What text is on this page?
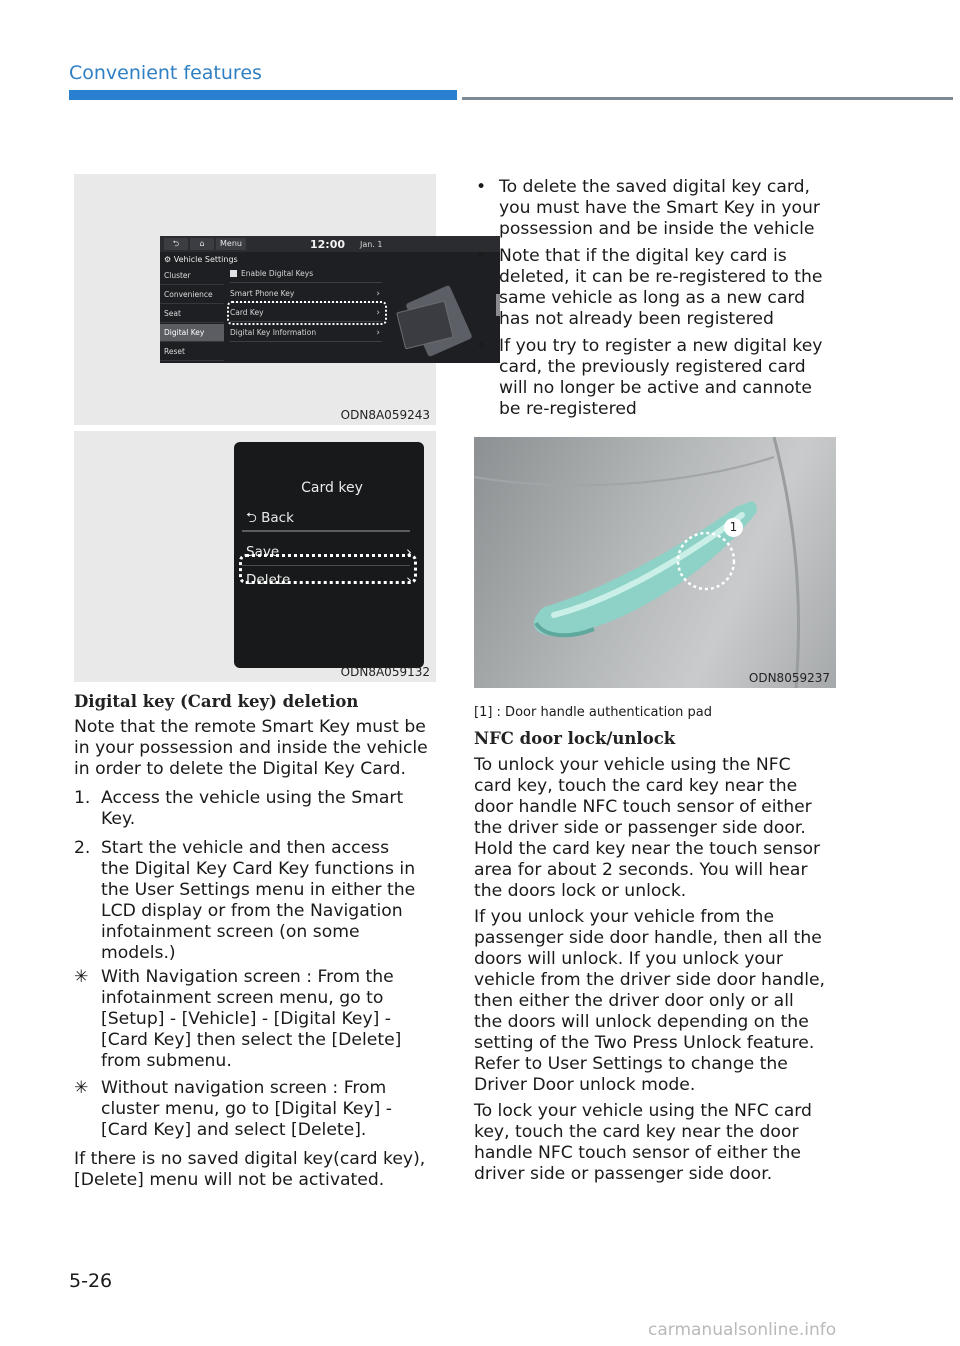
Convenient features
⮌	⌂	Menu	12:00 Jan. 1
⚙ Vehicle Settings
Cluster
Convenience
Seat
Digital Key
Reset
Enable Digital Keys
Smart Phone Key	›
Card Key	›
Digital Key Information	›
ODN8A059243
Card key
⮌ Back
Save	›
Delete	›
ODN8A059132
Digital key (Card key) deletion
Note that the remote Smart Key must be
in your possession and inside the vehicle
in order to delete the Digital Key Card.
1. Access the vehicle using the Smart
Key.
2. Start the vehicle and then access
the Digital Key Card Key functions in
the User Settings menu in either the
LCD display or from the Navigation
infotainment screen (on some
models.)
✳ With Navigation screen : From the
infotainment screen menu, go to
[Setup] - [Vehicle] - [Digital Key] -
[Card Key] then select the [Delete]
from submenu.
✳ Without navigation screen : From
cluster menu, go to [Digital Key] -
[Card Key] and select [Delete].
If there is no saved digital key(card key),
[Delete] menu will not be activated.
• To delete the saved digital key card,
you must have the Smart Key in your
possession and be inside the vehicle
• Note that if the digital key card is
deleted, it can be re-registered to the
same vehicle as long as a new card
has not already been registered
• If you try to register a new digital key
card, the previously registered card
will no longer be active and cannote
be re-registered
1
ODN8059237
[1] : Door handle authentication pad
NFC door lock/unlock
To unlock your vehicle using the NFC
card key, touch the card key near the
door handle NFC touch sensor of either
the driver side or passenger side door.
Hold the card key near the touch sensor
area for about 2 seconds. You will hear
the doors lock or unlock.
If you unlock your vehicle from the
passenger side door handle, then all the
doors will unlock. If you unlock your
vehicle from the driver side door handle,
then either the driver door only or all
the doors will unlock depending on the
setting of the Two Press Unlock feature.
Refer to User Settings to change the
Driver Door unlock mode.
To lock your vehicle using the NFC card
key, touch the card key near the door
handle NFC touch sensor of either the
driver side or passenger side door.
5-26
carmanualsonline.info
